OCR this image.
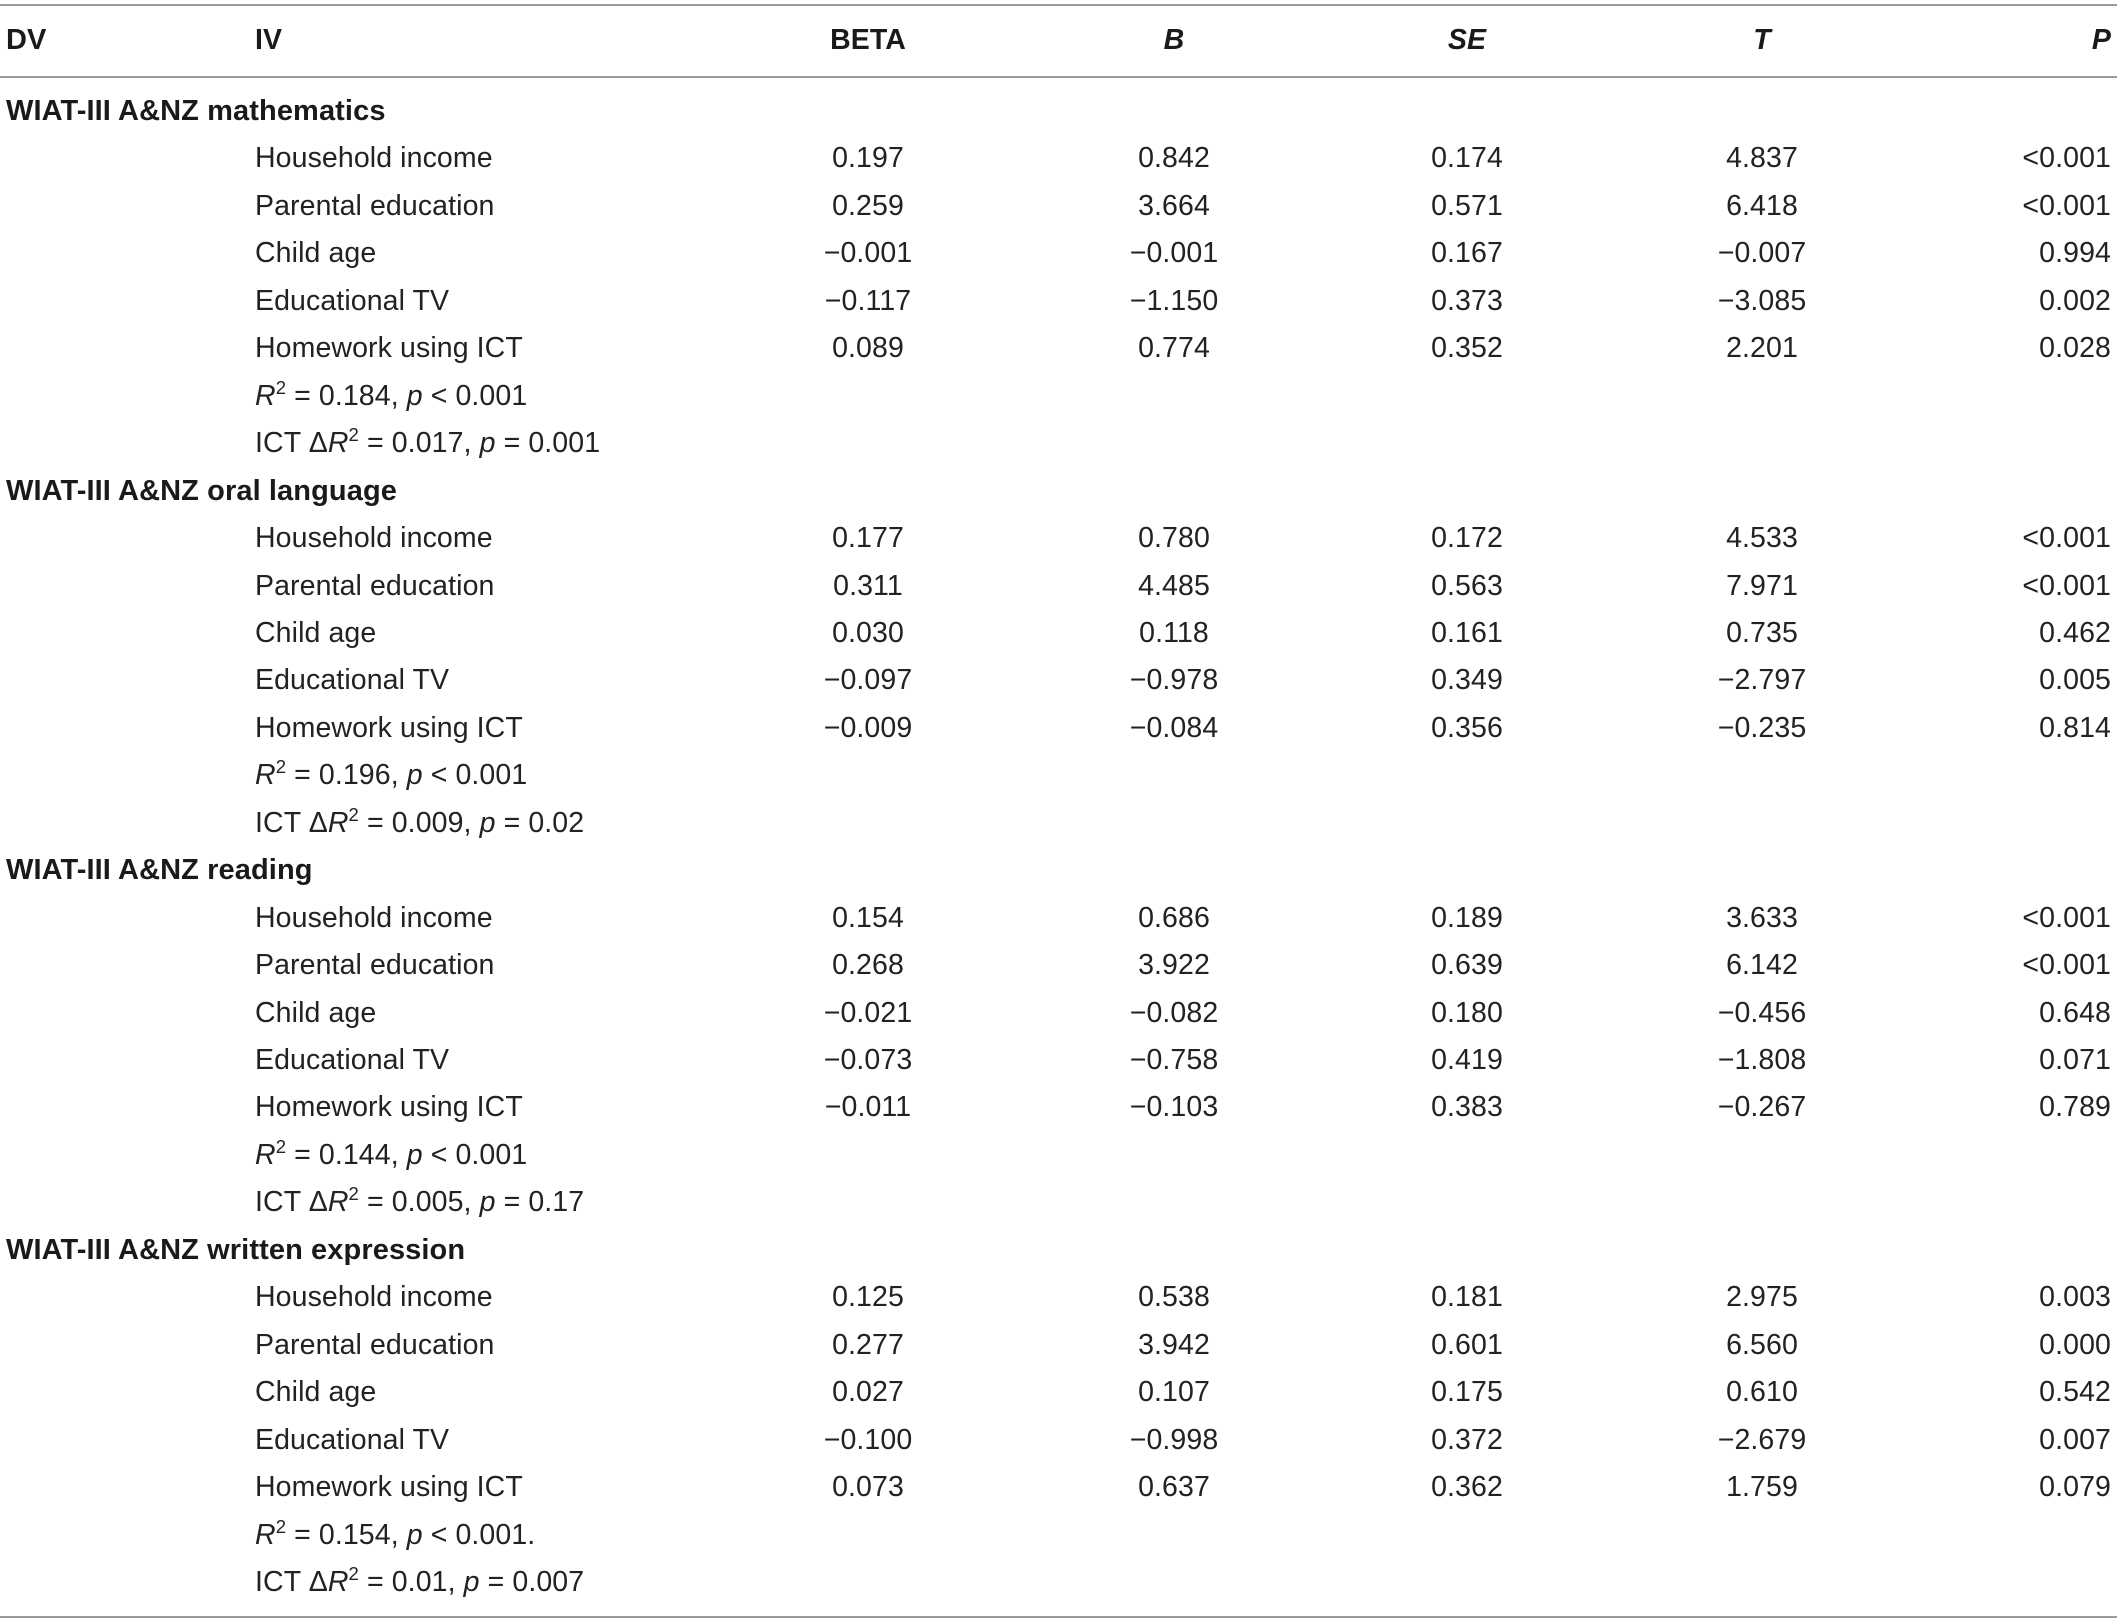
DV	IV	BETA	B	SE	T	P
WIAT-III A&NZ mathematics
Household income	0.197	0.842	0.174	4.837	<0.001
Parental education	0.259	3.664	0.571	6.418	<0.001
Child age	−0.001	−0.001	0.167	−0.007	0.994
Educational TV	−0.117	−1.150	0.373	−3.085	0.002
Homework using ICT	0.089	0.774	0.352	2.201	0.028
$R^2 = 0.184$, p < 0.001
ICT $\Delta R^2 = 0.017$, p = 0.001
WIAT-III A&NZ oral language
Household income	0.177	0.780	0.172	4.533	<0.001
Parental education	0.311	4.485	0.563	7.971	<0.001
Child age	0.030	0.118	0.161	0.735	0.462
Educational TV	−0.097	−0.978	0.349	−2.797	0.005
Homework using ICT	−0.009	−0.084	0.356	−0.235	0.814
$R^2 = 0.196$, p < 0.001
ICT $\Delta R^2 = 0.009$, p = 0.02
WIAT-III A&NZ reading
Household income	0.154	0.686	0.189	3.633	<0.001
Parental education	0.268	3.922	0.639	6.142	<0.001
Child age	−0.021	−0.082	0.180	−0.456	0.648
Educational TV	−0.073	−0.758	0.419	−1.808	0.071
Homework using ICT	−0.011	−0.103	0.383	−0.267	0.789
$R^2 = 0.144$, p < 0.001
ICT $\Delta R^2 = 0.005$, p = 0.17
WIAT-III A&NZ written expression
Household income	0.125	0.538	0.181	2.975	0.003
Parental education	0.277	3.942	0.601	6.560	0.000
Child age	0.027	0.107	0.175	0.610	0.542
Educational TV	−0.100	−0.998	0.372	−2.679	0.007
Homework using ICT	0.073	0.637	0.362	1.759	0.079
$R^2 = 0.154$, p < 0.001.
ICT $\Delta R^2 = 0.01$, p = 0.007
